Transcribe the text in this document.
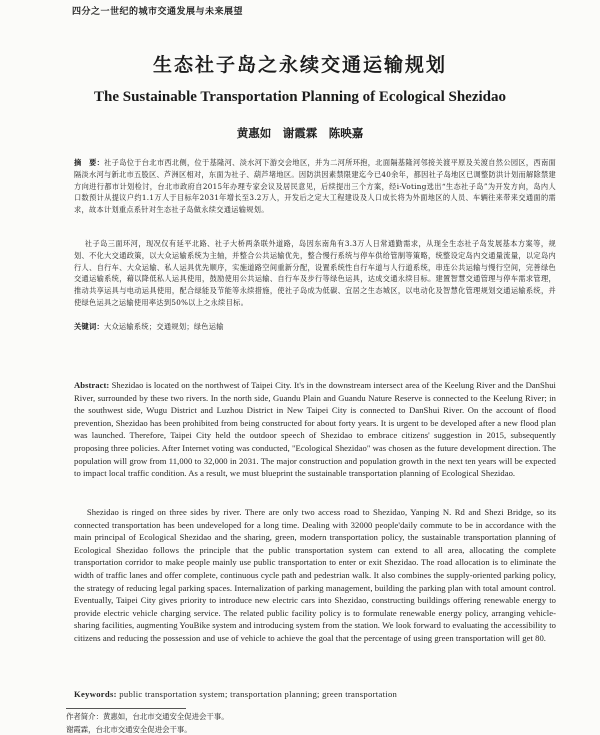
四分之一世纪的城市交通发展与未来展望
生态社子岛之永续交通运输规划
The Sustainable Transportation Planning of Ecological Shezidao
黄惠如　谢霞霖　陈映嘉
摘　要：社子岛位于台北市西北侧，位于基隆河、淡水河下游交会地区，并为二河所环抱，北面隔基隆河邻接关渡平原及关渡自然公园区，西南面隔淡水河与新北市五股区、芦洲区相对，东面为社子、葫芦堵地区。因防洪因素禁限建迄今已40余年，都因社子岛地区已调整防洪计划而解除禁建方向进行都市计划检讨，台北市政府自2015年办理专家会议及居民意见，后续提出三个方案，经i-Voting选出“生态社子岛”为开发方向，岛内人口数预计从提议户约1.1万人于目标年2031年增长至3.2万人，开发后之定大工程建设及人口成长将为外面地区的人员、车辆往来带来交通面的需求，故本计划重点系针对生态社子岛做永续交通运输规划。
社子岛三面环河，现况仅有延平北路、社子大桥两条联外道路，岛因东南角有3.3万人日常通勤需求，从现全生态社子岛发展基本方案等，规划、不化大交通政策，以大众运输系统为主轴，并整合公共运输优先，整合慢行系统与停车供给管制等策略，统整设定岛内交通量流量，以定岛内行人、自行车、大众运输、私人运具优先顺序，实施道路空间重新分配，设置系统性自行车道与人行道系统，串连公共运输与慢行空间，完善绿色交通运输系统，藉以降低私人运具使用，鼓励使用公共运输、自行车及步行等绿色运具，达成交通永续目标。建置智慧交通管理与停车需求管理，推动共享运具与电动运具使用，配合绿能及节能等永续措施，使社子岛成为低碳、宜居之生态城区，以电动化及智慧化管理规划交通运输系统，并使绿色运具之运输使用率达到50%以上之永续目标。
关键词：大众运输系统；交通规划；绿色运输
Abstract: Shezidao is located on the northwest of Taipei City. It's in the downstream intersect area of the Keelung River and the DanShui River, surrounded by these two rivers. In the north side, Guandu Plain and Guandu Nature Reserve is connected to the Keelung River; in the southwest side, Wugu District and Luzhou District in New Taipei City is connected to DanShui River. On the account of flood prevention, Shezidao has been prohibited from being constructed for about forty years. It is urgent to be developed after a new flood plan was launched. Therefore, Taipei City held the outdoor speech of Shezidao to embrace citizens' suggestion in 2015, subsequently proposing three policies. After Internet voting was conducted, "Ecological Shezidao" was chosen as the future development direction. The population will grow from 11,000 to 32,000 in 2031. The major construction and population growth in the next ten years will be expected to impact local traffic condition. As a result, we must blueprint the sustainable transportation planning of Ecological Shezidao.
Shezidao is ringed on three sides by river. There are only two access road to Shezidao, Yanping N. Rd and Shezi Bridge, so its connected transportation has been undeveloped for a long time. Dealing with 32000 people'daily commute to be in accordance with the main principal of Ecological Shezidao and the sharing, green, modern transportation policy, the sustainable transportation planning of Ecological Shezidao follows the principle that the public transportation system can extend to all area, allocating the complete transportation corridor to make people mainly use public transportation to enter or exit Shezidao. The road allocation is to eliminate the width of traffic lanes and offer complete, continuous cycle path and pedestrian walk. It also combines the supply-oriented parking policy, the strategy of reducing legal parking spaces. Internalization of parking management, building the parking plan with total amount control. Eventually, Taipei City gives priority to introduce new electric cars into Shezidao, constructing buildings offering renewable energy to provide electric vehicle charging service. The related public facility policy is to formulate renewable energy policy, arranging vehicle-sharing facilities, augmenting YouBike system and introducing system from the station. We look forward to evaluating the accessibility to citizens and reducing the possession and use of vehicle to achieve the goal that the percentage of using green transportation will get 80.
Keywords: public transportation system; transportation planning; green transportation
作者简介：黄惠如，台北市交通安全促进会干事。
谢霞霖，台北市交通安全促进会干事。
